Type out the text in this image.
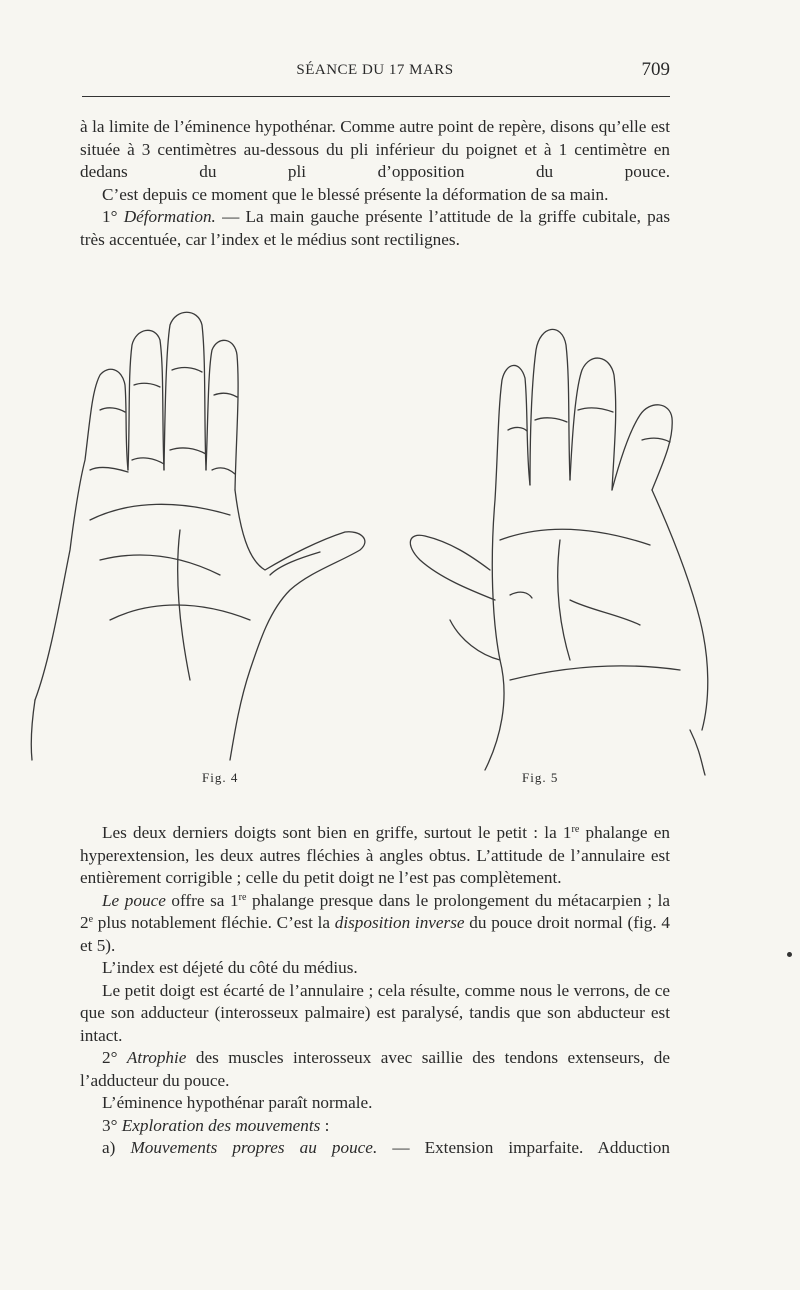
SÉANCE DU 17 MARS	709

à la limite de l’éminence hypothénar. Comme autre point de repère, disons qu’elle est située à 3 centimètres au-dessous du pli inférieur du poignet et à 1 centimètre en dedans du pli d’opposition du pouce.

C’est depuis ce moment que le blessé présente la déformation de sa main.

1° Déformation. — La main gauche présente l’attitude de la griffe cubitale, pas très accentuée, car l’index et le médius sont rectilignes.

Fig. 4	Fig. 5

Les deux derniers doigts sont bien en griffe, surtout le petit : la 1re phalange en hyperextension, les deux autres fléchies à angles obtus. L’attitude de l’annulaire est entièrement corrigible ; celle du petit doigt ne l’est pas complètement.

Le pouce offre sa 1re phalange presque dans le prolongement du métacarpien ; la 2e plus notablement fléchie. C’est la disposition inverse du pouce droit normal (fig. 4 et 5).

L’index est déjeté du côté du médius.

Le petit doigt est écarté de l’annulaire ; cela résulte, comme nous le verrons, de ce que son adducteur (interosseux palmaire) est paralysé, tandis que son abducteur est intact.

2° Atrophie des muscles interosseux avec saillie des tendons extenseurs, de l’adducteur du pouce.

L’éminence hypothénar paraît normale.

3° Exploration des mouvements :

a) Mouvements propres au pouce. — Extension imparfaite. Adduction
